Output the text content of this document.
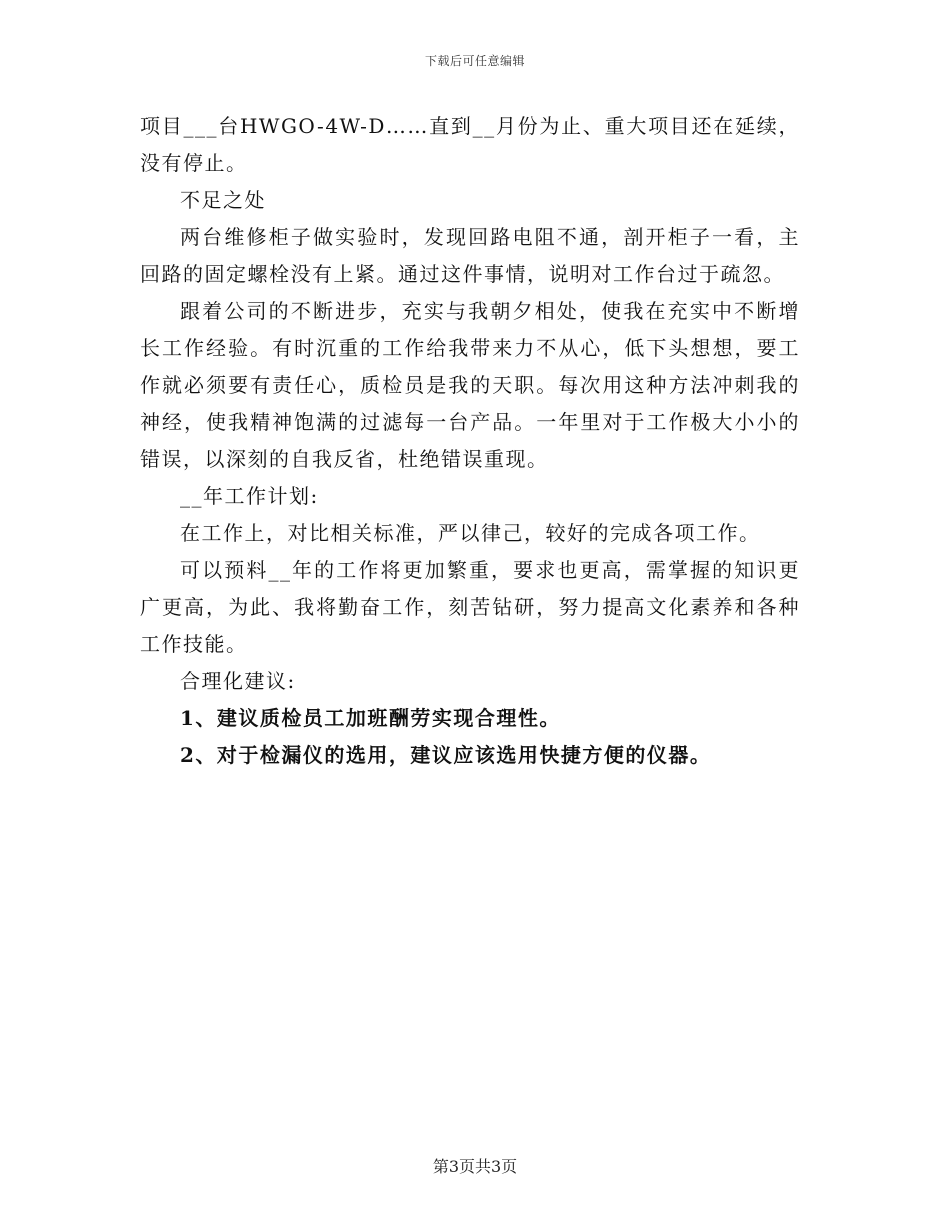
下载后可任意编辑

项目___台HWGO-4W-D……直到__月份为止、重大项目还在延续，没有停止。

不足之处

两台维修柜子做实验时，发现回路电阻不通，剖开柜子一看，主回路的固定螺栓没有上紧。通过这件事情，说明对工作台过于疏忽。

跟着公司的不断进步，充实与我朝夕相处，使我在充实中不断增长工作经验。有时沉重的工作给我带来力不从心，低下头想想，要工作就必须要有责任心，质检员是我的天职。每次用这种方法冲刺我的神经，使我精神饱满的过滤每一台产品。一年里对于工作极大小小的错误，以深刻的自我反省，杜绝错误重现。

__年工作计划:

在工作上，对比相关标准，严以律己，较好的完成各项工作。

可以预料__年的工作将更加繁重，要求也更高，需掌握的知识更广更高，为此、我将勤奋工作，刻苦钻研，努力提高文化素养和各种工作技能。

合理化建议:

1、建议质检员工加班酬劳实现合理性。

2、对于检漏仪的选用，建议应该选用快捷方便的仪器。

第3页共3页
